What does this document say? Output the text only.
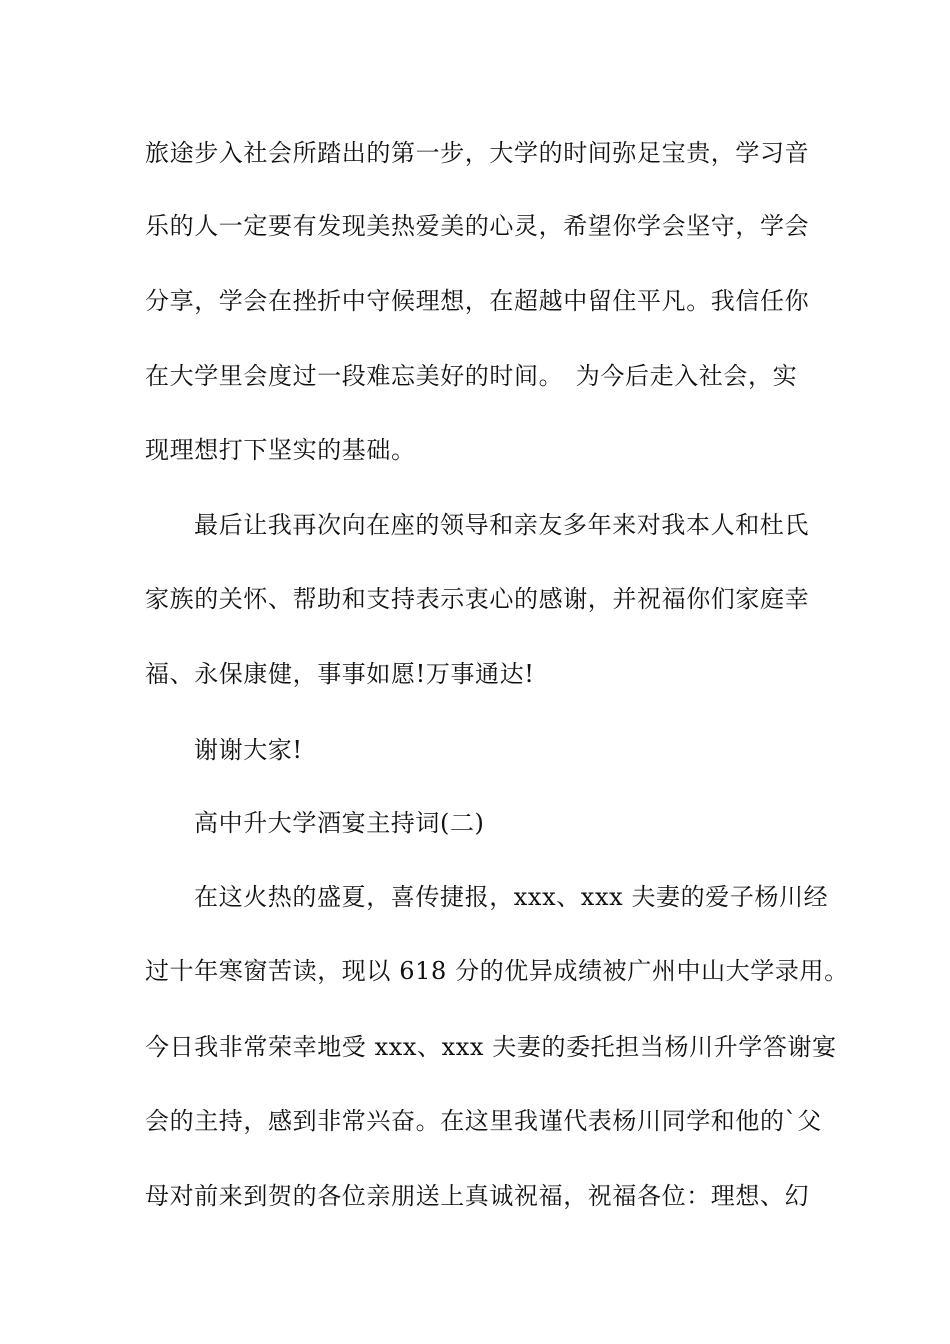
旅途步入社会所踏出的第一步，大学的时间弥足宝贵，学习音
乐的人一定要有发现美热爱美的心灵，希望你学会坚守，学会
分享，学会在挫折中守候理想，在超越中留住平凡。我信任你
在大学里会度过一段难忘美好的时间。　为今后走入社会，实
现理想打下坚实的基础。
最后让我再次向在座的领导和亲友多年来对我本人和杜氏
家族的关怀、帮助和支持表示衷心的感谢，并祝福你们家庭幸
福、永保康健，事事如愿!万事通达!
谢谢大家!
高中升大学酒宴主持词(二)
在这火热的盛夏，喜传捷报，xxx、xxx 夫妻的爱子杨川经
过十年寒窗苦读，现以 618 分的优异成绩被广州中山大学录用。
今日我非常荣幸地受 xxx、xxx 夫妻的委托担当杨川升学答谢宴
会的主持，感到非常兴奋。在这里我谨代表杨川同学和他的`父
母对前来到贺的各位亲朋送上真诚祝福，祝福各位：理想、幻
